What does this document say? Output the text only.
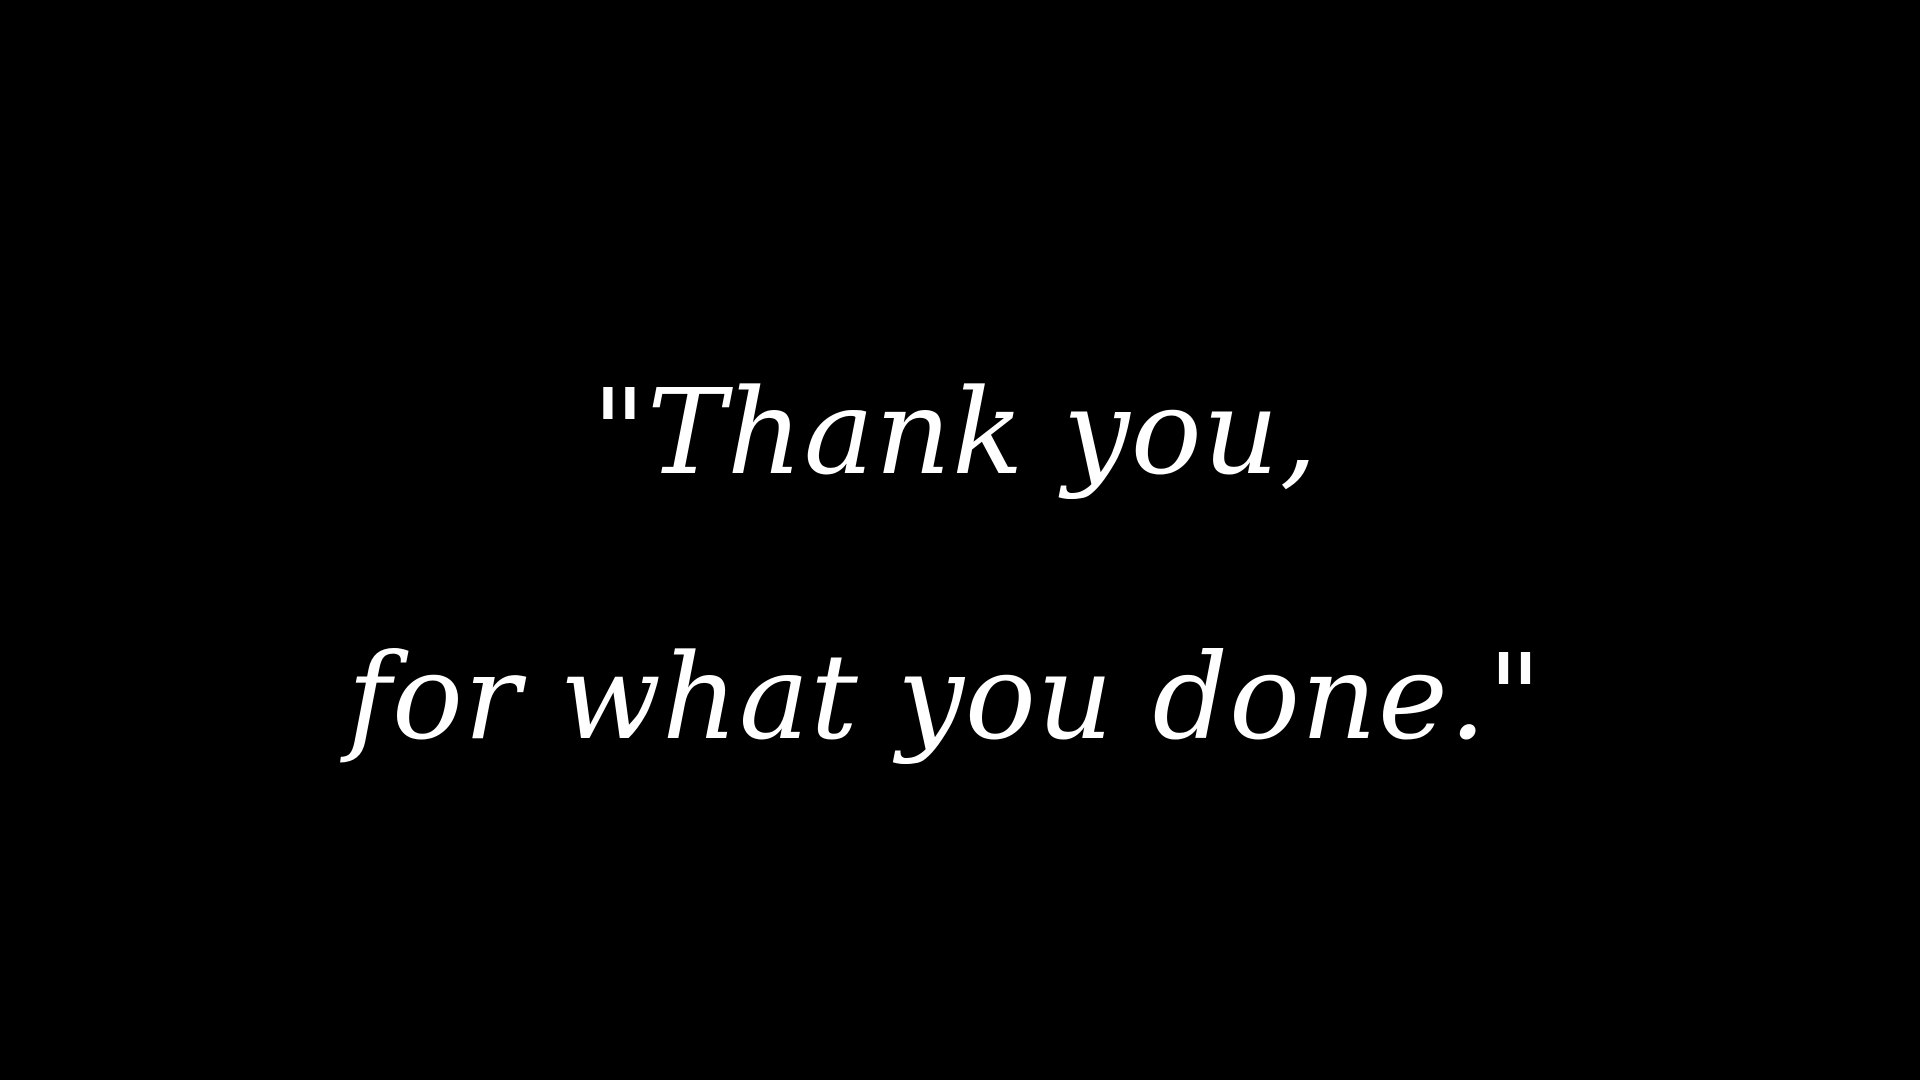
"Thank you,
for what you done."
